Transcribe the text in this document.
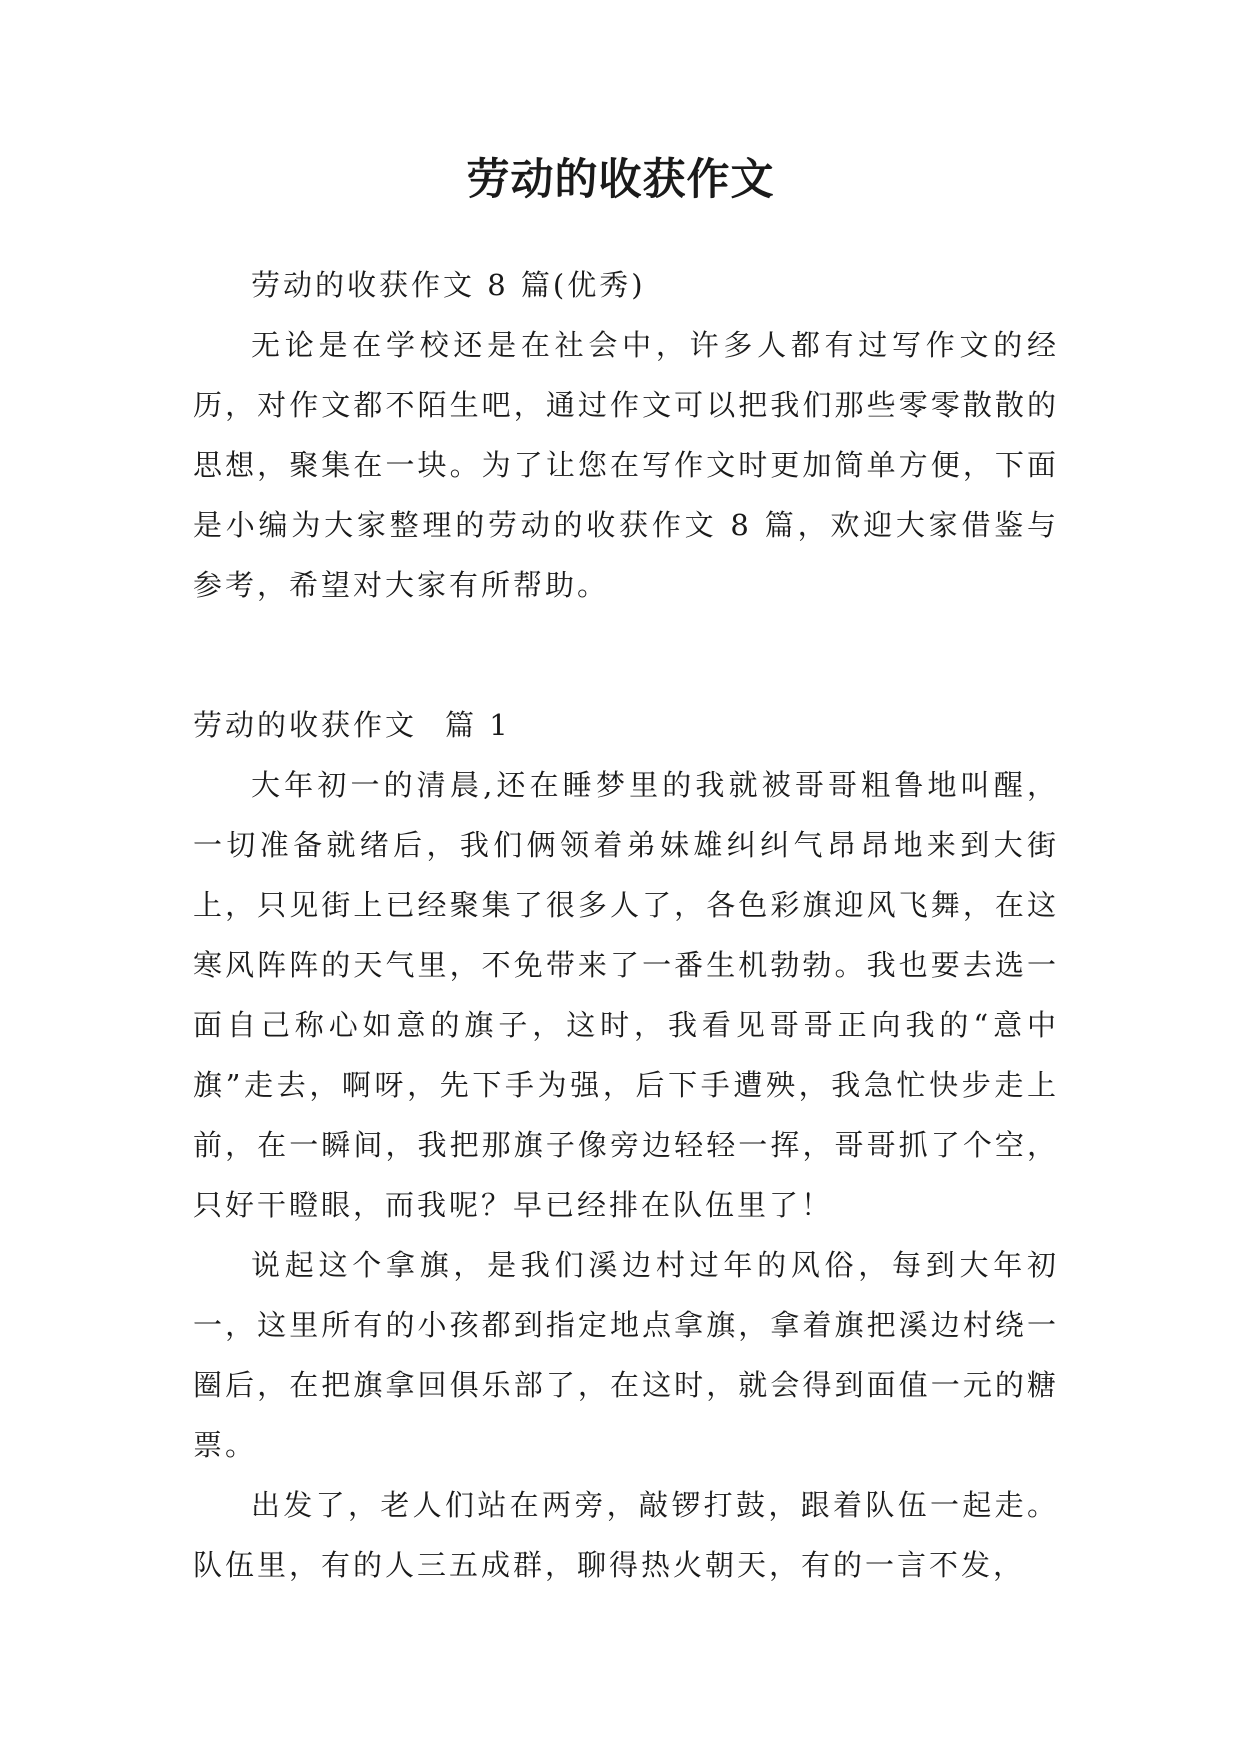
劳动的收获作文

劳动的收获作文 8 篇(优秀)

无论是在学校还是在社会中，许多人都有过写作文的经历，对作文都不陌生吧，通过作文可以把我们那些零零散散的思想，聚集在一块。为了让您在写作文时更加简单方便，下面是小编为大家整理的劳动的收获作文 8 篇，欢迎大家借鉴与参考，希望对大家有所帮助。

劳动的收获作文 篇 1

大年初一的清晨,还在睡梦里的我就被哥哥粗鲁地叫醒，一切准备就绪后，我们俩领着弟妹雄纠纠气昂昂地来到大街上，只见街上已经聚集了很多人了，各色彩旗迎风飞舞，在这寒风阵阵的天气里，不免带来了一番生机勃勃。我也要去选一面自己称心如意的旗子，这时，我看见哥哥正向我的“意中旗”走去，啊呀，先下手为强，后下手遭殃，我急忙快步走上前，在一瞬间，我把那旗子像旁边轻轻一挥，哥哥抓了个空，只好干瞪眼，而我呢？早已经排在队伍里了！

说起这个拿旗，是我们溪边村过年的风俗，每到大年初一，这里所有的小孩都到指定地点拿旗，拿着旗把溪边村绕一圈后，在把旗拿回俱乐部了，在这时，就会得到面值一元的糖票。

出发了，老人们站在两旁，敲锣打鼓，跟着队伍一起走。队伍里，有的人三五成群，聊得热火朝天，有的一言不发，
